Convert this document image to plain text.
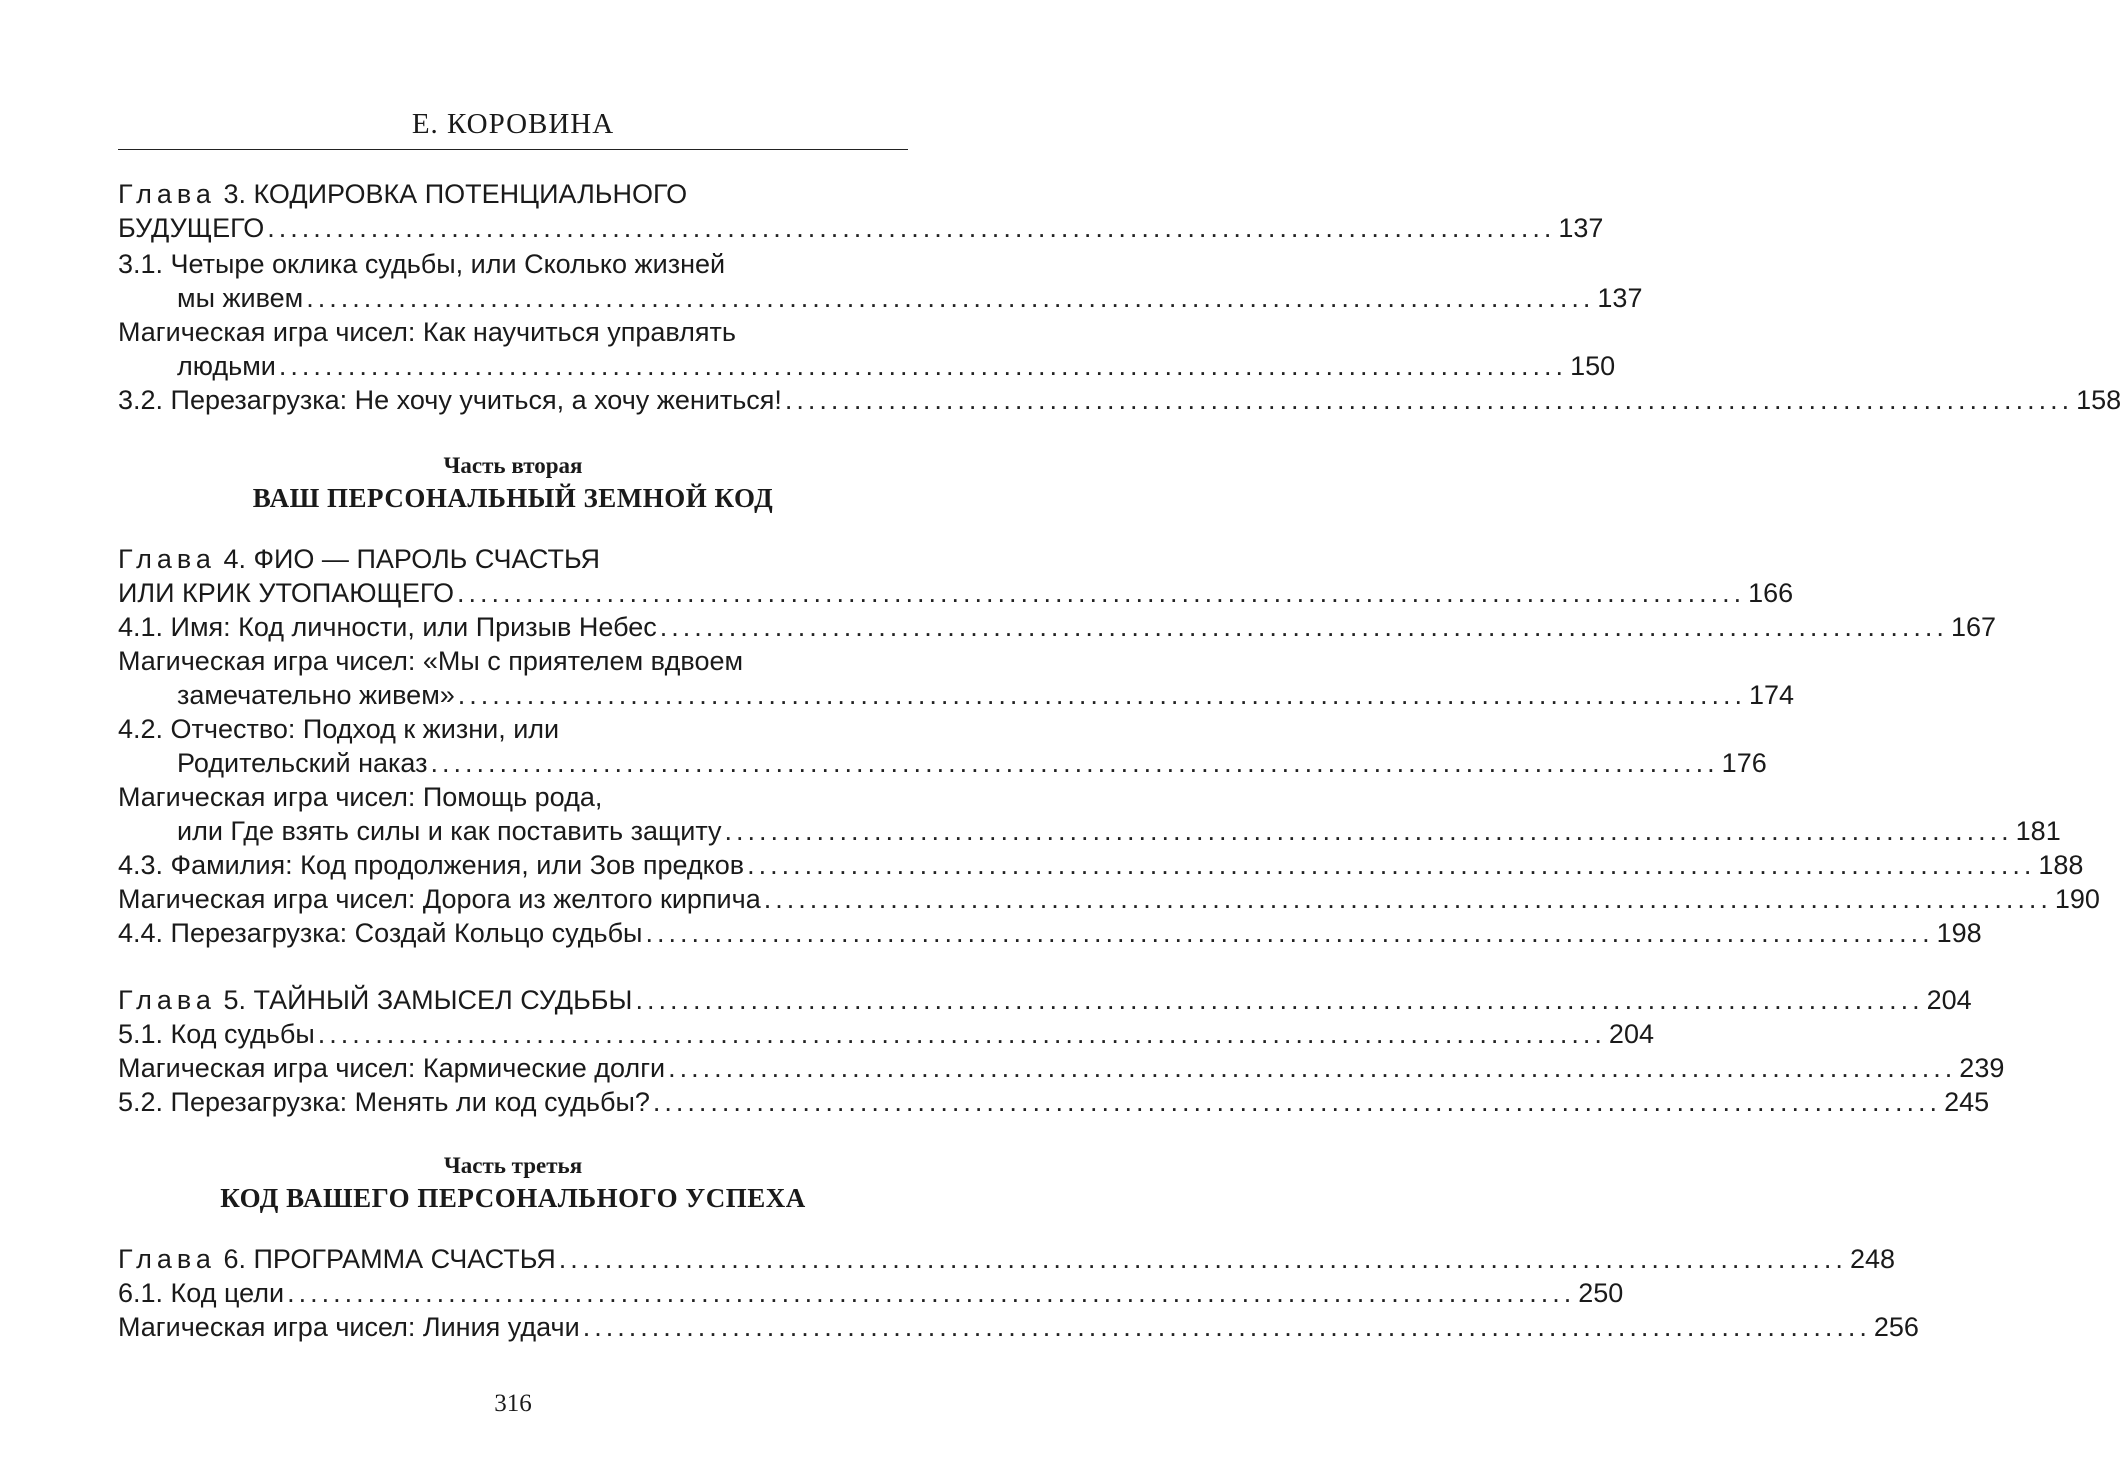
Е. КОРОВИНА
Глава 3. КОДИРОВКА ПОТЕНЦИАЛЬНОГО
БУДУЩЕГО ................................................................................................................ 137
3.1. Четыре оклика судьбы, или Сколько жизней
мы живем ................................................................................................................ 137
Магическая игра чисел: Как научиться управлять
людьми ................................................................................................................ 150
3.2. Перезагрузка: Не хочу учиться, а хочу жениться! ................................................................................................................ 158
Часть вторая
ВАШ ПЕРСОНАЛЬНЫЙ ЗЕМНОЙ КОД
Глава 4. ФИО — ПАРОЛЬ СЧАСТЬЯ
ИЛИ КРИК УТОПАЮЩЕГО ................................................................................................................ 166
4.1. Имя: Код личности, или Призыв Небес ................................................................................................................ 167
Магическая игра чисел: «Мы с приятелем вдвоем
замечательно живем» ................................................................................................................ 174
4.2. Отчество: Подход к жизни, или
Родительский наказ ................................................................................................................ 176
Магическая игра чисел: Помощь рода,
или Где взять силы и как поставить защиту ................................................................................................................ 181
4.3. Фамилия: Код продолжения, или Зов предков ................................................................................................................ 188
Магическая игра чисел: Дорога из желтого кирпича ................................................................................................................ 190
4.4. Перезагрузка: Создай Кольцо судьбы ................................................................................................................ 198
Глава 5. ТАЙНЫЙ ЗАМЫСЕЛ СУДЬБЫ ................................................................................................................ 204
5.1. Код судьбы ................................................................................................................ 204
Магическая игра чисел: Кармические долги ................................................................................................................ 239
5.2. Перезагрузка: Менять ли код судьбы? ................................................................................................................ 245
Часть третья
КОД ВАШЕГО ПЕРСОНАЛЬНОГО УСПЕХА
Глава 6. ПРОГРАММА СЧАСТЬЯ ................................................................................................................ 248
6.1. Код цели ................................................................................................................ 250
Магическая игра чисел: Линия удачи ................................................................................................................ 256
316
